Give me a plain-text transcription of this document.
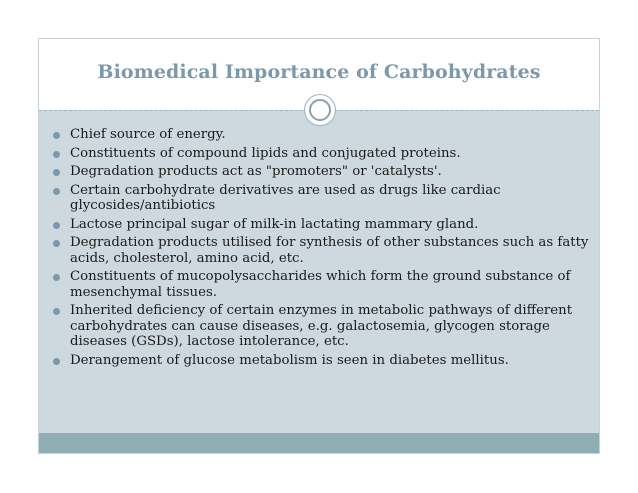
Biomedical Importance of Carbohydrates
Chief source of energy.
Constituents of compound lipids and conjugated proteins.
Degradation products act as "promoters" or 'catalysts'.
Certain carbohydrate derivatives are used as drugs like cardiac glycosides/antibiotics
Lactose principal sugar of milk-in lactating mammary gland.
Degradation products utilised for synthesis of other substances such as fatty acids, cholesterol, amino acid, etc.
Constituents of mucopolysaccharides which form the ground substance of mesenchymal tissues.
Inherited deficiency of certain enzymes in metabolic pathways of different carbohydrates can cause diseases, e.g. galactosemia, glycogen storage diseases (GSDs), lactose intolerance, etc.
Derangement of glucose metabolism is seen in diabetes mellitus.
